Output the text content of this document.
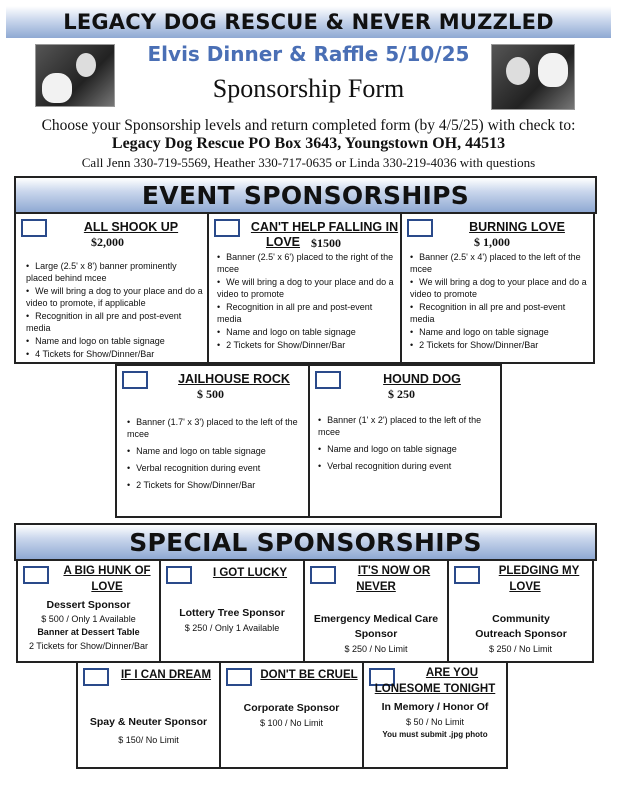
LEGACY DOG RESCUE & NEVER MUZZLED
Elvis Dinner & Raffle 5/10/25
Sponsorship Form
Choose your Sponsorship levels and return completed form (by 4/5/25) with check to:
Legacy Dog Rescue PO Box 3643, Youngstown OH, 44513
Call Jenn 330-719-5569, Heather 330-717-0635 or Linda 330-219-4036 with questions
EVENT SPONSORSHIPS
ALL SHOOK UP
$2,000
• Large (2.5' x 8') banner prominently placed behind mcee
• We will bring a dog to your place and do a video to promote, if applicable
• Recognition in all pre and post-event media
• Name and logo on table signage
• 4 Tickets for Show/Dinner/Bar
CAN'T HELP FALLING IN
LOVE $1500
• Banner (2.5' x 6') placed to the right of the mcee
• We will bring a dog to your place and do a video to promote
• Recognition in all pre and post-event media
• Name and logo on table signage
• 2 Tickets for Show/Dinner/Bar
BURNING LOVE
$ 1,000
• Banner (2.5' x 4') placed to the left of the mcee
• We will bring a dog to your place and do a video to promote
• Recognition in all pre and post-event media
• Name and logo on table signage
• 2 Tickets for Show/Dinner/Bar
JAILHOUSE ROCK
$ 500
• Banner (1.7' x 3') placed to the left of the mcee
• Name and logo on table signage
• Verbal recognition during event
• 2 Tickets for Show/Dinner/Bar
HOUND DOG
$ 250
• Banner (1' x 2') placed to the left of the mcee
• Name and logo on table signage
• Verbal recognition during event
SPECIAL SPONSORSHIPS
A BIG HUNK OF
LOVE
Dessert Sponsor
$ 500 / Only 1 Available
Banner at Dessert Table
2 Tickets for Show/Dinner/Bar
I GOT LUCKY
Lottery Tree Sponsor
$ 250 / Only 1 Available
IT'S NOW OR
NEVER
Emergency Medical Care Sponsor
$ 250 / No Limit
PLEDGING MY
LOVE
Community Outreach Sponsor
$ 250 / No Limit
IF I CAN DREAM
Spay & Neuter Sponsor
$ 150/ No Limit
DON'T BE CRUEL
Corporate Sponsor
$ 100 / No Limit
ARE YOU
LONESOME TONIGHT
In Memory / Honor Of
$ 50 / No Limit
You must submit .jpg photo
